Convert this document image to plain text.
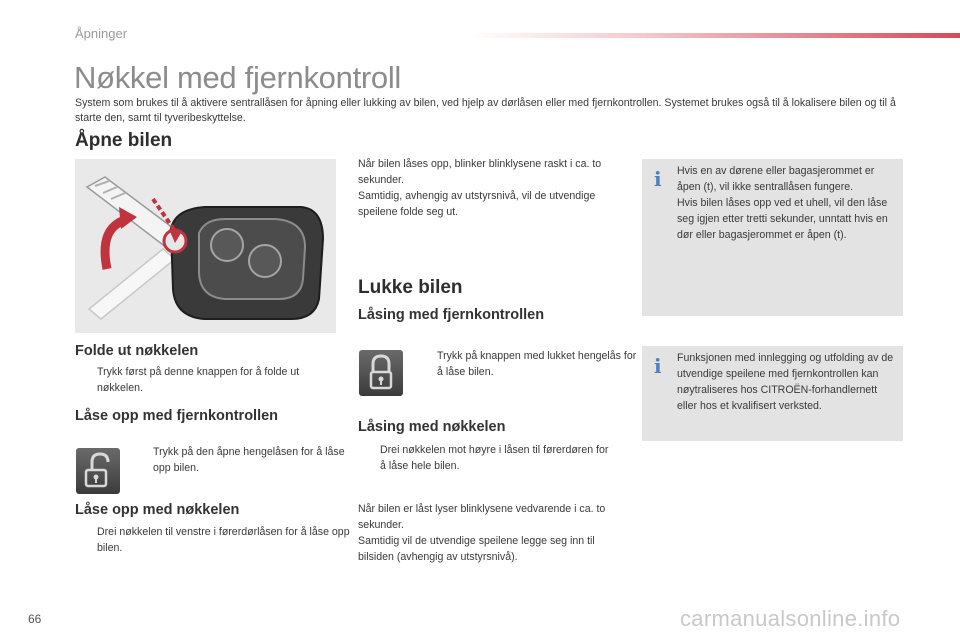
Åpninger
Nøkkel med fjernkontroll
System som brukes til å aktivere sentrallåsen for åpning eller lukking av bilen, ved hjelp av dørlåsen eller med fjernkontrollen. Systemet brukes også til å lokalisere bilen og til å starte den, samt til tyveribeskyttelse.
Åpne bilen
Folde ut nøkkelen
Trykk først på denne knappen for å folde ut nøkkelen.
Låse opp med fjernkontrollen
Trykk på den åpne hengelåsen for å låse opp bilen.
Låse opp med nøkkelen
Drei nøkkelen til venstre i førerdørlåsen for å låse opp bilen.
Når bilen låses opp, blinker blinklysene raskt i ca. to sekunder.
Samtidig, avhengig av utstyrsnivå, vil de utvendige speilene folde seg ut.
Lukke bilen
Låsing med fjernkontrollen
Trykk på knappen med lukket hengelås for å låse bilen.
Låsing med nøkkelen
Drei nøkkelen mot høyre i låsen til førerdøren for å låse hele bilen.
Når bilen er låst lyser blinklysene vedvarende i ca. to sekunder.
Samtidig vil de utvendige speilene legge seg inn til bilsiden (avhengig av utstyrsnivå).
i Hvis en av dørene eller bagasjerommet er åpen (t), vil ikke sentrallåsen fungere.
Hvis bilen låses opp ved et uhell, vil den låse seg igjen etter tretti sekunder, unntatt hvis en dør eller bagasjerommet er åpen (t).
i Funksjonen med innlegging og utfolding av de utvendige speilene med fjernkontrollen kan nøytraliseres hos CITROËN-forhandlernett eller hos et kvalifisert verksted.
66	carmanualsonline.info
